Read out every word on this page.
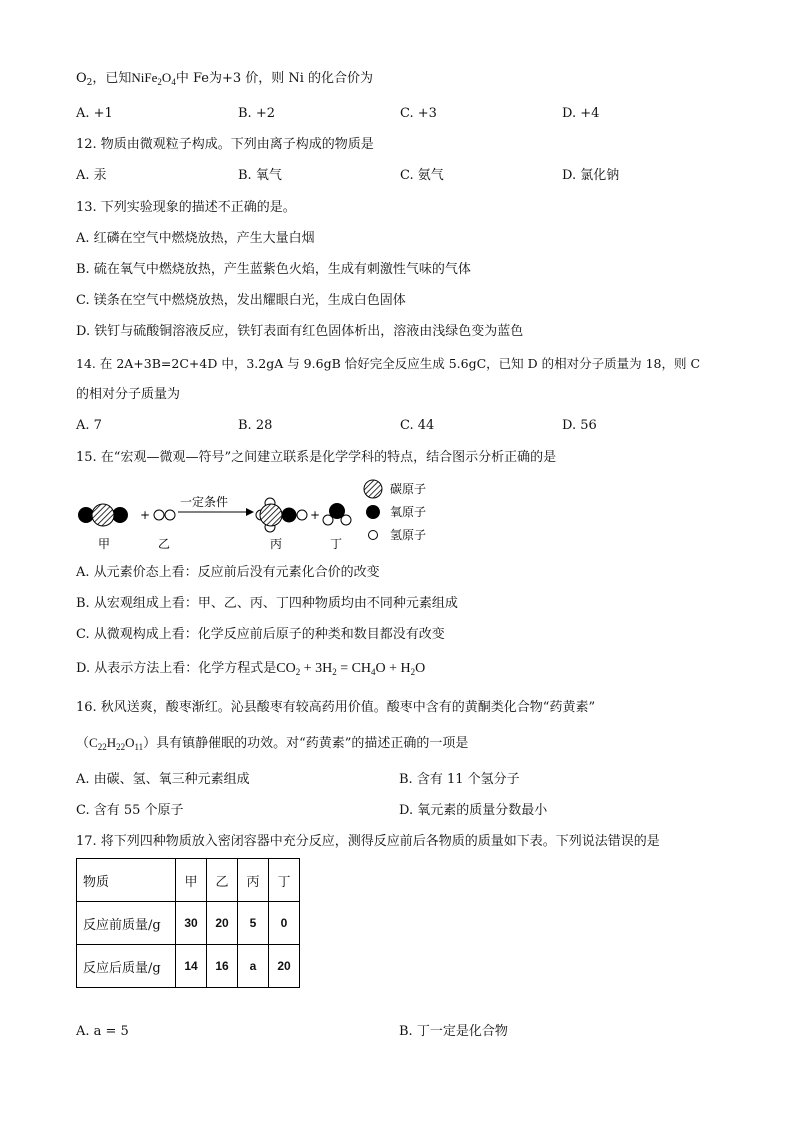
$O_2$，已知$NiFe_2O_4$中 Fe为+3 价，则 Ni 的化合价为
A. +1	B. +2	C. +3	D. +4
12. 物质由微观粒子构成。下列由离子构成的物质是
A. 汞	B. 氧气	C. 氨气	D. 氯化钠
13. 下列实验现象的描述不正确的是。
A. 红磷在空气中燃烧放热，产生大量白烟
B. 硫在氧气中燃烧放热，产生蓝紫色火焰，生成有刺激性气味的气体
C. 镁条在空气中燃烧放热，发出耀眼白光，生成白色固体
D. 铁钉与硫酸铜溶液反应，铁钉表面有红色固体析出，溶液由浅绿色变为蓝色
14. 在 2A+3B=2C+4D 中，3.2gA 与 9.6gB 恰好完全反应生成 5.6gC，已知 D 的相对分子质量为 18，则 C
的相对分子质量为
A. 7	B. 28	C. 44	D. 56
15. 在“宏观—微观—符号”之间建立联系是化学学科的特点，结合图示分析正确的是
+
一定条件
+
甲	乙	丙	丁
碳原子
氧原子
氢原子
A. 从元素价态上看：反应前后没有元素化合价的改变
B. 从宏观组成上看：甲、乙、丙、丁四种物质均由不同种元素组成
C. 从微观构成上看：化学反应前后原子的种类和数目都没有改变
D. 从表示方法上看：化学方程式是$CO_2 + 3H_2 = CH_4O + H_2O$
16. 秋风送爽，酸枣渐红。沁县酸枣有较高药用价值。酸枣中含有的黄酮类化合物“药黄素”
$(C_{22}H_{22}O_{11})$具有镇静催眠的功效。对“药黄素”的描述正确的一项是
A. 由碳、氢、氧三种元素组成	B. 含有 11 个氢分子
C. 含有 55 个原子	D. 氧元素的质量分数最小
17. 将下列四种物质放入密闭容器中充分反应，测得反应前后各物质的质量如下表。下列说法错误的是
物质	甲	乙	丙	丁
反应前质量/g	30	20	5	0
反应后质量/g	14	16	a	20
A. a = 5	B. 丁一定是化合物
